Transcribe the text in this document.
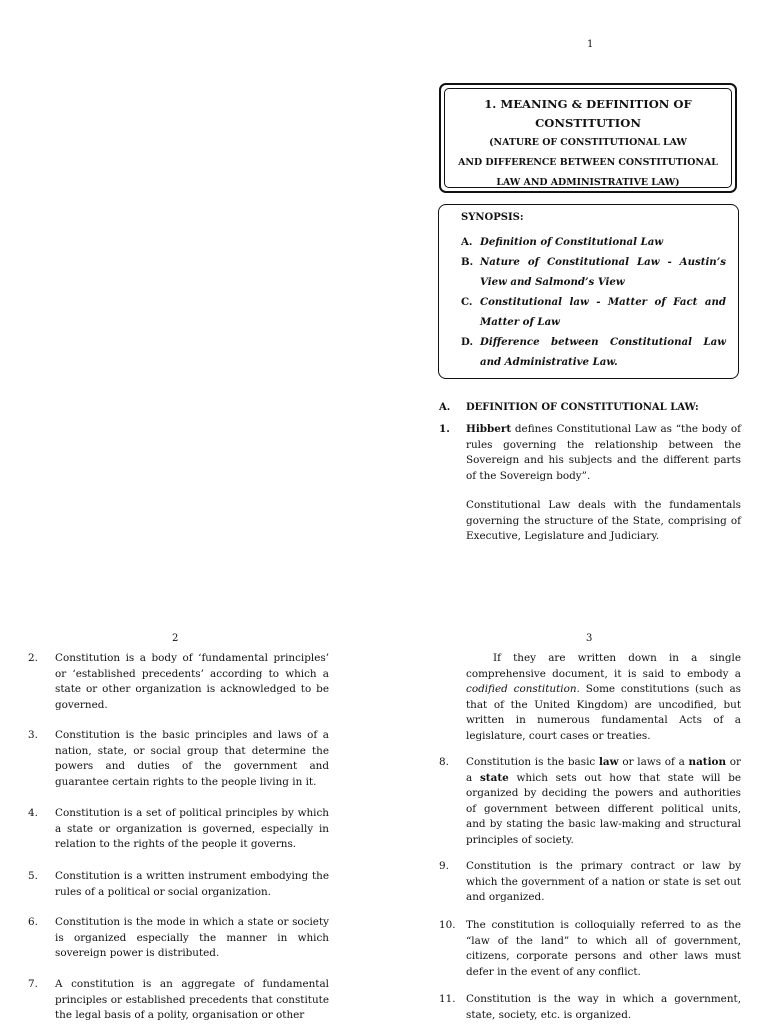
1
1. MEANING & DEFINITION OF
CONSTITUTION
(NATURE OF CONSTITUTIONAL LAW
AND DIFFERENCE BETWEEN CONSTITUTIONAL
LAW AND ADMINISTRATIVE LAW)
SYNOPSIS:
A. Definition of Constitutional Law
B. Nature of Constitutional Law - Austin’s View and Salmond’s View
C. Constitutional law - Matter of Fact and Matter of Law
D. Difference between Constitutional Law and Administrative Law.
A. DEFINITION OF CONSTITUTIONAL LAW:
1.	Hibbert defines Constitutional Law as “the body of rules governing the relationship between the Sovereign and his subjects and the different parts of the Sovereign body”.
Constitutional Law deals with the fundamentals governing the structure of the State, comprising of Executive, Legislature and Judiciary.
2
2.	Constitution is a body of ‘fundamental principles’ or ‘established precedents’ according to which a state or other organization is acknowledged to be governed.
3.	Constitution is the basic principles and laws of a nation, state, or social group that determine the powers and duties of the government and guarantee certain rights to the people living in it.
4.	Constitution is a set of political principles by which a state or organization is governed, especially in relation to the rights of the people it governs.
5.	Constitution is a written instrument embodying the rules of a political or social organization.
6.	Constitution is the mode in which a state or society is organized especially the manner in which sovereign power is distributed.
7.	A constitution is an aggregate of fundamental principles or established precedents that constitute the legal basis of a polity, organisation or other
3
If they are written down in a single comprehensive document, it is said to embody a codified constitution. Some constitutions (such as that of the United Kingdom) are uncodified, but written in numerous fundamental Acts of a legislature, court cases or treaties.
8.	Constitution is the basic law or laws of a nation or a state which sets out how that state will be organized by deciding the powers and authorities of government between different political units, and by stating the basic law-making and structural principles of society.
9.	Constitution is the primary contract or law by which the government of a nation or state is set out and organized.
10.	The constitution is colloquially referred to as the “law of the land” to which all of government, citizens, corporate persons and other laws must defer in the event of any conflict.
11.	Constitution is the way in which a government, state, society, etc. is organized.
